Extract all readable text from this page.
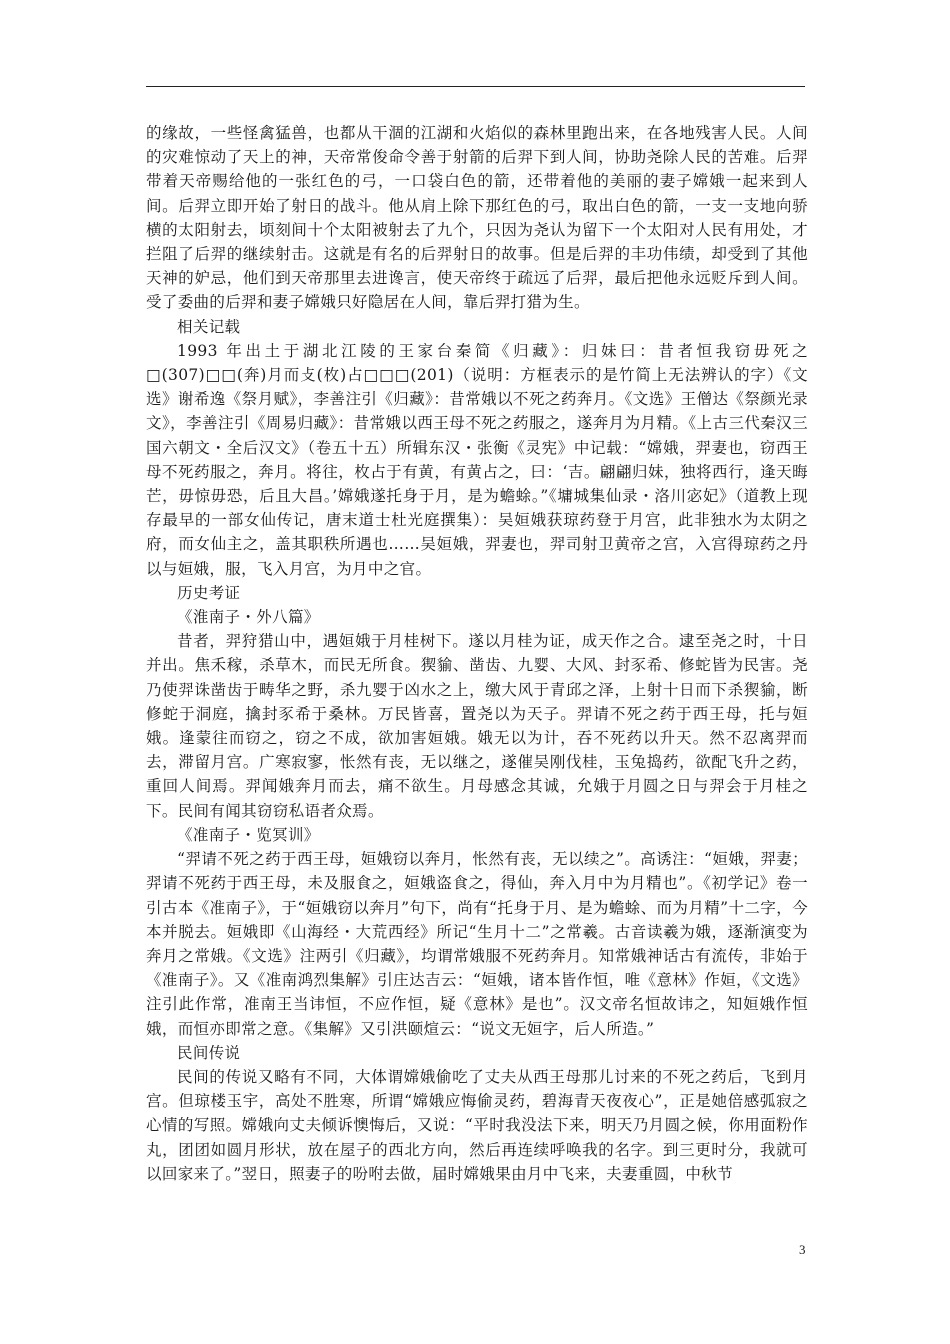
的缘故，一些怪禽猛兽，也都从干涸的江湖和火焰似的森林里跑出来，在各地残害人民。人间的灾难惊动了天上的神，天帝常俊命令善于射箭的后羿下到人间，协助尧除人民的苦难。后羿带着天帝赐给他的一张红色的弓，一口袋白色的箭，还带着他的美丽的妻子嫦娥一起来到人间。后羿立即开始了射日的战斗。他从肩上除下那红色的弓，取出白色的箭，一支一支地向骄横的太阳射去，顷刻间十个太阳被射去了九个，只因为尧认为留下一个太阳对人民有用处，才拦阻了后羿的继续射击。这就是有名的后羿射日的故事。但是后羿的丰功伟绩，却受到了其他天神的妒忌，他们到天帝那里去进谗言，使天帝终于疏远了后羿，最后把他永远贬斥到人间。受了委曲的后羿和妻子嫦娥只好隐居在人间，靠后羿打猎为生。

相关记载

1993 年出土于湖北江陵的王家台秦简《归藏》：归妹曰：昔者恒我窃毋死之□(307)□□(奔)月而攴(枚)占□□□(201)（说明：方框表示的是竹简上无法辨认的字）《文选》谢希逸《祭月赋》，李善注引《归藏》：昔常娥以不死之药奔月。《文选》王僧达《祭颜光录文》，李善注引《周易归藏》：昔常娥以西王母不死之药服之，遂奔月为月精。《上古三代秦汉三国六朝文・全后汉文》（卷五十五）所辑东汉・张衡《灵宪》中记载：“嫦娥，羿妻也，窃西王母不死药服之，奔月。将往，枚占于有黄，有黄占之，曰：‘吉。翩翩归妹，独将西行，逢天晦芒，毋惊毋恐，后且大昌。’嫦娥遂托身于月，是为蟾蜍。”《墉城集仙录・洛川宓妃》（道教上现存最早的一部女仙传记，唐末道士杜光庭撰集）：吴姮娥获琼药登于月宫，此非独水为太阴之府，而女仙主之，盖其职秩所遇也……吴姮娥，羿妻也，羿司射卫黄帝之宫，入宫得琼药之丹以与姮娥，服，飞入月宫，为月中之官。

历史考证

《淮南子・外八篇》

昔者，羿狩猎山中，遇姮娥于月桂树下。遂以月桂为证，成天作之合。逮至尧之时，十日并出。焦禾稼，杀草木，而民无所食。猰貐、凿齿、九婴、大风、封豕希、修蛇皆为民害。尧乃使羿诛凿齿于畴华之野，杀九婴于凶水之上，缴大风于青邱之泽，上射十日而下杀猰貐，断修蛇于洞庭，擒封豕希于桑林。万民皆喜，置尧以为天子。羿请不死之药于西王母，托与姮娥。逢蒙往而窃之，窃之不成，欲加害姮娥。娥无以为计，吞不死药以升天。然不忍离羿而去，滞留月宫。广寒寂寥，怅然有丧，无以继之，遂催吴刚伐桂，玉兔捣药，欲配飞升之药，重回人间焉。羿闻娥奔月而去，痛不欲生。月母感念其诚，允娥于月圆之日与羿会于月桂之下。民间有闻其窃窃私语者众焉。

《准南子・览冥训》

“羿请不死之药于西王母，姮娥窃以奔月，怅然有丧，无以续之”。高诱注：“姮娥，羿妻；羿请不死药于西王母，未及服食之，姮娥盗食之，得仙，奔入月中为月精也”。《初学记》卷一引古本《准南子》，于“姮娥窃以奔月”句下，尚有“托身于月、是为蟾蜍、而为月精”十二字，今本并脱去。姮娥即《山海经・大荒西经》所记“生月十二”之常羲。古音读羲为娥，逐渐演变为奔月之常娥。《文选》注两引《归藏》，均谓常娥服不死药奔月。知常娥神话古有流传，非始于《准南子》。又《准南鸿烈集解》引庄达吉云：“姮娥，诸本皆作恒，唯《意林》作姮，《文选》注引此作常，准南王当讳恒，不应作恒，疑《意林》是也”。汉文帝名恒故讳之，知姮娥作恒娥，而恒亦即常之意。《集解》又引洪颐煊云：“说文无姮字，后人所造。”

民间传说

民间的传说又略有不同，大体谓嫦娥偷吃了丈夫从西王母那儿讨来的不死之药后，飞到月宫。但琼楼玉宇，高处不胜寒，所谓“嫦娥应悔偷灵药，碧海青天夜夜心”，正是她倍感弧寂之心情的写照。嫦娥向丈夫倾诉懊悔后，又说：“平时我没法下来，明天乃月圆之候，你用面粉作丸，团团如圆月形状，放在屋子的西北方向，然后再连续呼唤我的名字。到三更时分，我就可以回家来了。”翌日，照妻子的吩咐去做，届时嫦娥果由月中飞来，夫妻重圆，中秋节

3
